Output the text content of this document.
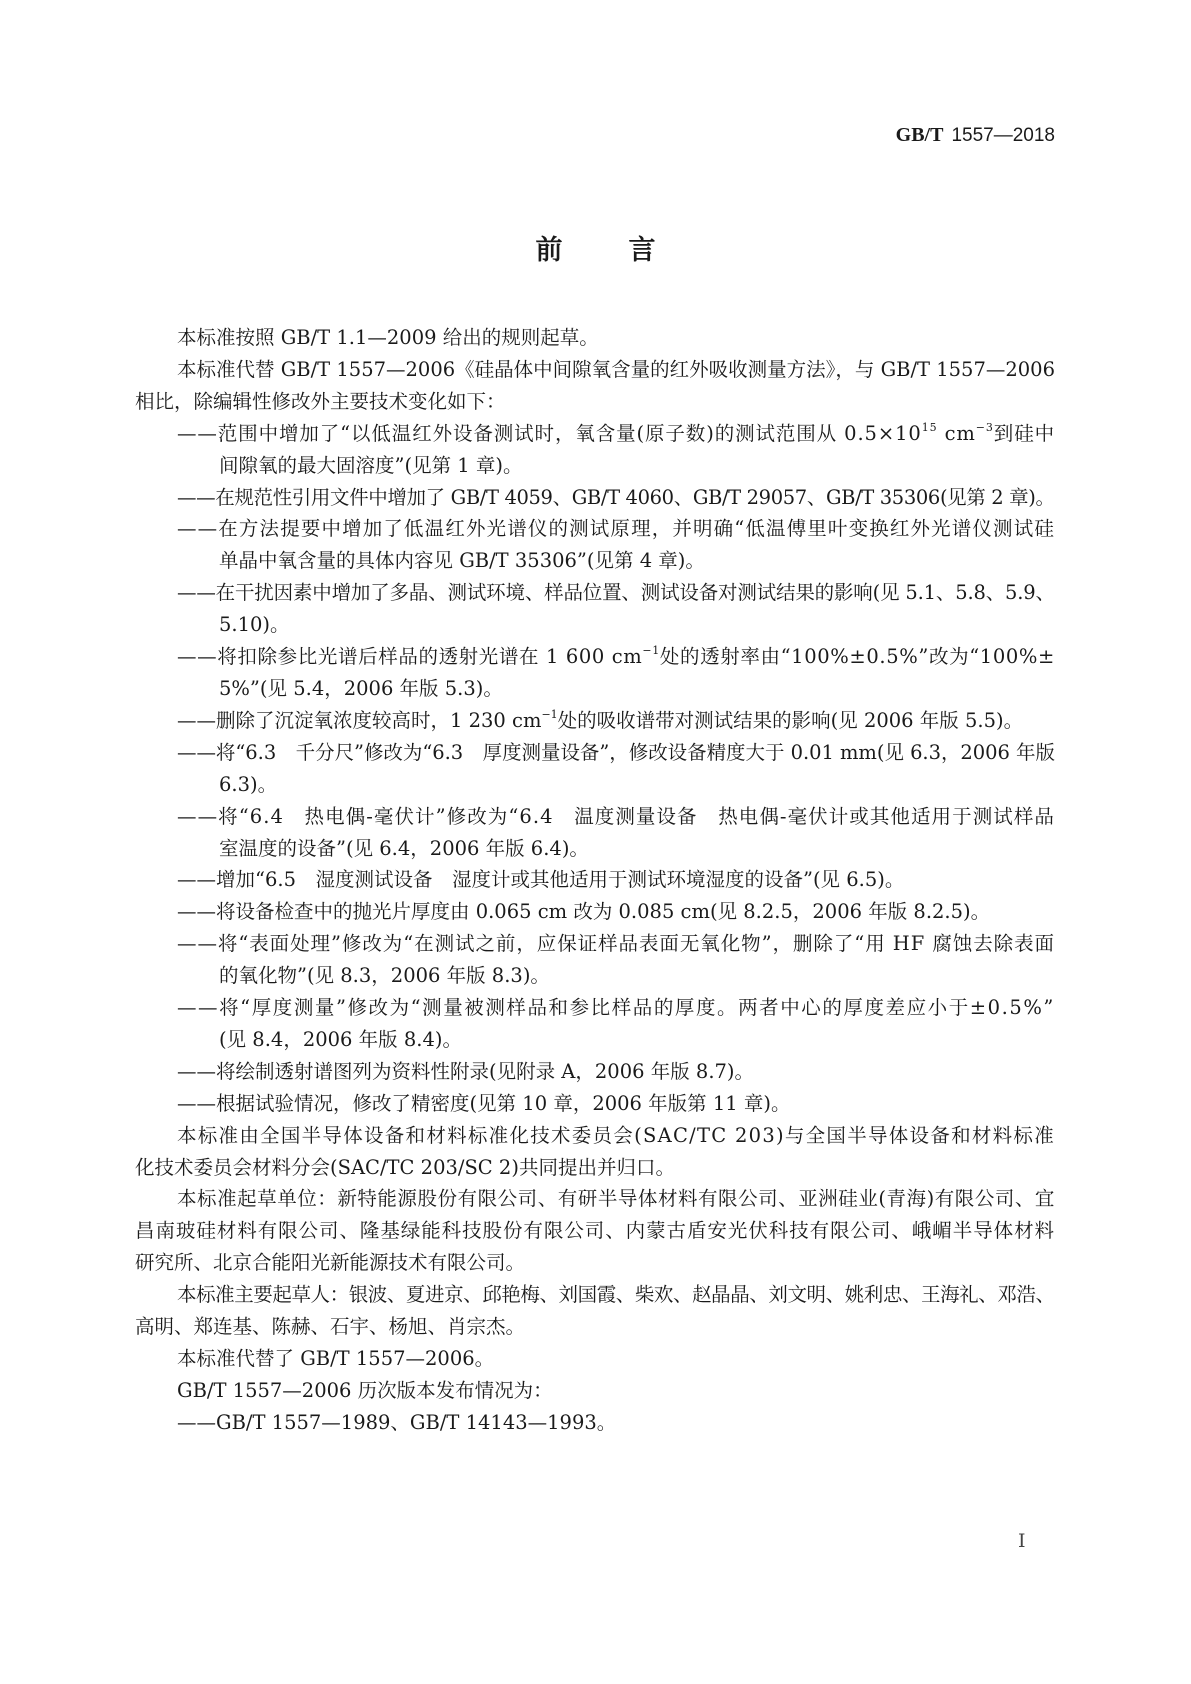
GB/T 1557—2018
前言
本标准按照 GB/T 1.1—2009 给出的规则起草。
本标准代替 GB/T 1557—2006《硅晶体中间隙氧含量的红外吸收测量方法》，与 GB/T 1557—2006
相比，除编辑性修改外主要技术变化如下：
——范围中增加了“以低温红外设备测试时，氧含量(原子数)的测试范围从 $0.5\times 10^{15}$ $cm^{-3}$到硅中
间隙氧的最大固溶度”(见第 1 章)。
——在规范性引用文件中增加了 GB/T 4059、GB/T 4060、GB/T 29057、GB/T 35306(见第 2 章)。
——在方法提要中增加了低温红外光谱仪的测试原理，并明确“低温傅里叶变换红外光谱仪测试硅
单晶中氧含量的具体内容见 GB/T 35306”(见第 4 章)。
——在干扰因素中增加了多晶、测试环境、样品位置、测试设备对测试结果的影响(见 5.1、5.8、5.9、
5.10)。
——将扣除参比光谱后样品的透射光谱在 1 600 $cm^{-1}$处的透射率由“100%±0.5%”改为“100%±
5%”(见 5.4，2006 年版 5.3)。
——删除了沉淀氧浓度较高时，1 230 $cm^{-1}$处的吸收谱带对测试结果的影响(见 2006 年版 5.5)。
——将“6.3　千分尺”修改为“6.3　厚度测量设备”，修改设备精度大于 0.01 mm(见 6.3，2006 年版
6.3)。
——将“6.4　热电偶-毫伏计”修改为“6.4　温度测量设备　热电偶-毫伏计或其他适用于测试样品
室温度的设备”(见 6.4，2006 年版 6.4)。
——增加“6.5　湿度测试设备　湿度计或其他适用于测试环境湿度的设备”(见 6.5)。
——将设备检查中的抛光片厚度由 0.065 cm 改为 0.085 cm(见 8.2.5，2006 年版 8.2.5)。
——将“表面处理”修改为“在测试之前，应保证样品表面无氧化物”，删除了“用 HF 腐蚀去除表面
的氧化物”(见 8.3，2006 年版 8.3)。
——将“厚度测量”修改为“测量被测样品和参比样品的厚度。两者中心的厚度差应小于±0.5%”
(见 8.4，2006 年版 8.4)。
——将绘制透射谱图列为资料性附录(见附录 A，2006 年版 8.7)。
——根据试验情况，修改了精密度(见第 10 章，2006 年版第 11 章)。
本标准由全国半导体设备和材料标准化技术委员会(SAC/TC 203)与全国半导体设备和材料标准
化技术委员会材料分会(SAC/TC 203/SC 2)共同提出并归口。
本标准起草单位：新特能源股份有限公司、有研半导体材料有限公司、亚洲硅业(青海)有限公司、宜
昌南玻硅材料有限公司、隆基绿能科技股份有限公司、内蒙古盾安光伏科技有限公司、峨嵋半导体材料
研究所、北京合能阳光新能源技术有限公司。
本标准主要起草人：银波、夏进京、邱艳梅、刘国霞、柴欢、赵晶晶、刘文明、姚利忠、王海礼、邓浩、
高明、郑连基、陈赫、石宇、杨旭、肖宗杰。
本标准代替了 GB/T 1557—2006。
GB/T 1557—2006 历次版本发布情况为：
——GB/T 1557—1989、GB/T 14143—1993。
I
